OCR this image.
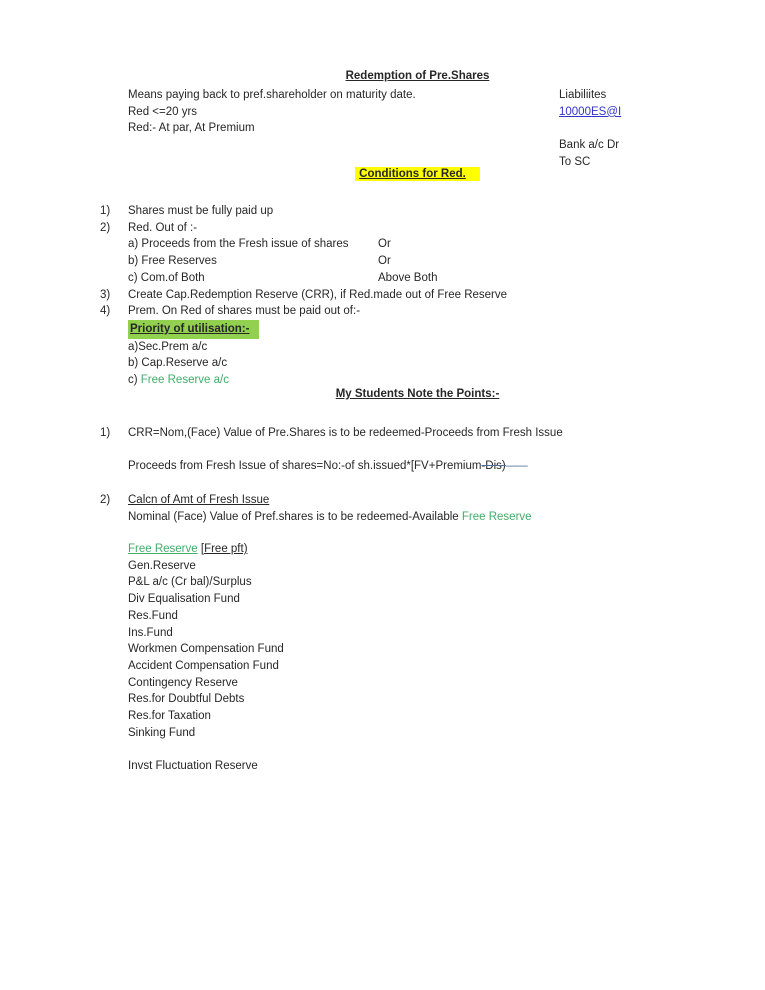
Redemption of Pre.Shares
Means paying back to pref.shareholder on maturity date.
Red <=20 yrs
Red:- At par, At Premium
Liabiliites
10000ES@I
Bank a/c Dr
To SC
Conditions for Red.
1)	Shares must be fully paid up
2)	Red. Out of :-
a) Proceeds from the Fresh issue of shares	Or
b) Free Reserves	Or
c) Com.of Both	Above Both
3)	Create Cap.Redemption Reserve (CRR), if Red.made out of Free Reserve
4)	Prem. On Red of shares must be paid out of:-
Priority of utilisation:-
a)Sec.Prem a/c
b) Cap.Reserve a/c
c) Free Reserve a/c
My Students Note the Points:-
1)	CRR=Nom,(Face) Value of Pre.Shares is to be redeemed-Proceeds from Fresh Issue
Proceeds from Fresh Issue of shares=No:-of sh.issued*[FV+Premium-Dis)——
2)	Calcn of Amt of Fresh Issue
Nominal (Face) Value of Pref.shares is to be redeemed-Available Free Reserve
Free Reserve [Free pft)
Gen.Reserve
P&L a/c (Cr bal)/Surplus
Div Equalisation Fund
Res.Fund
Ins.Fund
Workmen Compensation Fund
Accident Compensation Fund
Contingency Reserve
Res.for Doubtful Debts
Res.for Taxation
Sinking Fund
Invst Fluctuation Reserve
